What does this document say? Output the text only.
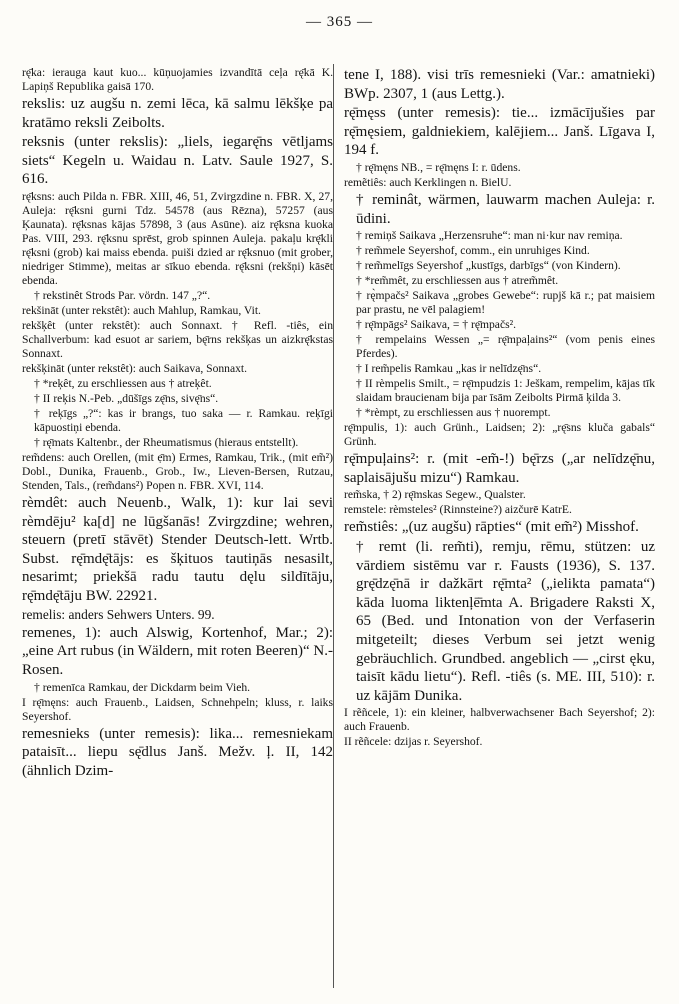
— 365 —

rę̄ka: ierauga kaut kuo... kūņuojamies izvandītā ceļa rę̄kā K. Lapiņš Republika gaisā 170.

rekslis: uz augšu n. zemi lēca, kā salmu lēkšķe pa kratāmo reksli Zeibolts.

reksnis (unter rekslis): „liels, iegarę̄ns vētljams siets“ Kegeln u. Waidau n. Latv. Saule 1927, S. 616.

rę̄ksns: auch Pilda n. FBR. XIII, 46, 51, Zvirgzdine n. FBR. X, 27, Auleja: rę̄ksni gurni Tdz. 54578 (aus Rēzna), 57257 (aus Ķaunata). rę̄ksnas kājas 57898, 3 (aus Asūne). aiz rę̄ksna kuoka Pas. VIII, 293. rę̄ksnu sprēst, grob spinnen Auleja. pakaļu krę̄kli rę̄ksni (grob) kai maiss ebenda. puiši dzied ar rę̄ksnuo (mit grober, niedriger Stimme), meitas ar sīkuo ebenda. rę̄ksni (rekšņi) kāsēt ebenda.

† rekstinêt Strods Par. vördn. 147 „?“.

rekšināt (unter rekstêt): auch Mahlup, Ramkau, Vit.

rekšķêt (unter rekstêt): auch Sonnaxt. † Refl. -tiês, ein Schallverbum: kad esuot ar sariem, bę̄rns rekšķas un aizkrę̄kstas Sonnaxt.

rekšķināt (unter rekstêt): auch Saikava, Sonnaxt.

† *reķêt, zu erschliessen aus † atreķêt.

† II reķis N.-Peb. „dūšīgs zę̄ns, sivę̄ns“.

† reķīgs „?“: kas ir brangs, tuo saka — r. Ramkau. reķīgi kāpuostiņi ebenda.

† rę̄mats Kaltenbr., der Rheumatismus (hieraus entstellt).

rem̃dens: auch Orellen, (mit ẹ̄m) Ermes, Ramkau, Trik., (mit em̃²) Dobl., Dunika, Frauenb., Grob., Iw., Lieven-Bersen, Rutzau, Stenden, Tals., (rem̃dans²) Popen n. FBR. XVI, 114.

rèmdêt: auch Neuenb., Walk, 1): kur lai sevi rèmdēju² ka[d] ne lūgšanās! Zvirgzdine; wehren, steuern (pretī stāvēt) Stender Deutsch-lett. Wrtb. Subst. rę̄mdę̄tājs: es šķituos tautiņās nesasilt, nesarimt; priekšā radu tautu dęlu sildītāju, rę̄mdę̄tāju BW. 22921.

remelis: anders Sehwers Unters. 99.

remenes, 1): auch Alswig, Kortenhof, Mar.; 2): „eine Art rubus (in Wäldern, mit roten Beeren)“ N.-Rosen.

† remenīca Ramkau, der Dickdarm beim Vieh.

I rę̄męns: auch Frauenb., Laidsen, Schnehpeln; kluss, r. laiks Seyershof.

remesnieks (unter remesis): lika... remesniekam pataisīt... liepu sę̄dlus Janš. Mežv. ļ. II, 142 (ähnlich Dzim-

tene I, 188). visi trīs remesnieki (Var.: amatnieki) BWp. 2307, 1 (aus Lettg.).

rę̄męss (unter remesis): tie... izmācījušies par rę̄męsiem, galdniekiem, kalējiem... Janš. Līgava I, 194 f.

† rę̄męns NB., = rę̄męns I: r. ūdens.

remẽtiês: auch Kerklingen n. BielU.

† reminât, wärmen, lauwarm machen Auleja: r. ūdini.

† remiņš Saikava „Herzensruhe“: man ni·kur nav remiņa.

† rem̃mele Seyershof, comm., ein unruhiges Kind.

† rem̃melīgs Seyershof „kustīgs, darbīgs“ (von Kindern).

† *rem̃mêt, zu erschliessen aus † atrem̃mêt.

† rę̀mpačs² Saikava „grobes Gewebe“: rupjš kā r.; pat maisiem par prastu, ne vēl palagiem!

† rę̄mpāgs² Saikava, = † rę̄mpačs².

† rempelains Wessen „= rę̄mpaļains²“ (vom penis eines Pferdes).

† I rem̃pelis Ramkau „kas ir nelīdzę̄ns“.

† II rèmpelis Smilt., = rę̄mpudzis 1: Ješkam, rempelim, kājas tīk slaidam braucienam bija par īsām Zeibolts Pirmā ķilda 3.

† *rèmpt, zu erschliessen aus † nuorempt.

rę̄mpulis, 1): auch Grünh., Laidsen; 2): „rę̄sns kluča gabals“ Grünh.

rę̄mpuļains²: r. (mit -em̃-!) bę̄rzs („ar nelīdzę̄nu, saplaisājušu mizu“) Ramkau.

rem̃ska, † 2) rę̄mskas Segew., Qualster.

remstele: rèmsteles² (Rinnsteine?) aizčurē KatrE.

rem̃stiês: „(uz augšu) rāpties“ (mit em̃²) Misshof.

† remt (li. rem̃ti), remju, rēmu, stützen: uz vārdiem sistēmu var r. Fausts (1936), S. 137. grę̄dzę̄nā ir dažkārt rę̄mta² („ielikta pamata“) kāda luoma liktenļē̄mta A. Brigadere Raksti X, 65 (Bed. und Intonation von der Verfaserin mitgeteilt; dieses Verbum sei jetzt wenig gebräuchlich. Grundbed. angeblich — „cirst ęku, taisīt kādu lietu“). Refl. -tiês (s. ME. III, 510): r. uz kājām Dunika.

I rẽñcele, 1): ein kleiner, halbverwachsener Bach Seyershof; 2): auch Frauenb.

II rẽñcele: dzijas r. Seyershof.
